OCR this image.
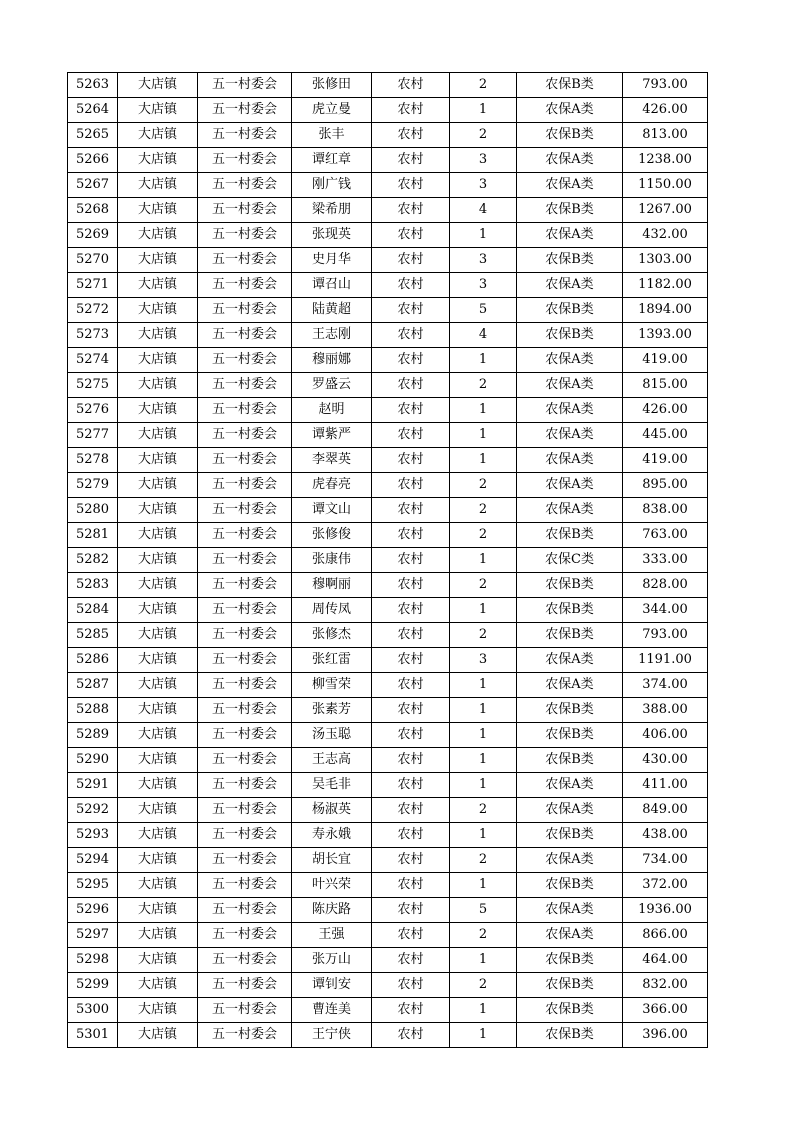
5263	大店镇	五一村委会	张修田	农村	2	农保B类	793.00
5264	大店镇	五一村委会	虎立曼	农村	1	农保A类	426.00
5265	大店镇	五一村委会	张丰	农村	2	农保B类	813.00
5266	大店镇	五一村委会	谭红章	农村	3	农保A类	1238.00
5267	大店镇	五一村委会	刚广钱	农村	3	农保A类	1150.00
5268	大店镇	五一村委会	梁希朋	农村	4	农保B类	1267.00
5269	大店镇	五一村委会	张现英	农村	1	农保A类	432.00
5270	大店镇	五一村委会	史月华	农村	3	农保B类	1303.00
5271	大店镇	五一村委会	谭召山	农村	3	农保A类	1182.00
5272	大店镇	五一村委会	陆黄超	农村	5	农保B类	1894.00
5273	大店镇	五一村委会	王志刚	农村	4	农保B类	1393.00
5274	大店镇	五一村委会	穆丽娜	农村	1	农保A类	419.00
5275	大店镇	五一村委会	罗盛云	农村	2	农保A类	815.00
5276	大店镇	五一村委会	赵明	农村	1	农保A类	426.00
5277	大店镇	五一村委会	谭紫严	农村	1	农保A类	445.00
5278	大店镇	五一村委会	李翠英	农村	1	农保A类	419.00
5279	大店镇	五一村委会	虎春亮	农村	2	农保A类	895.00
5280	大店镇	五一村委会	谭文山	农村	2	农保A类	838.00
5281	大店镇	五一村委会	张修俊	农村	2	农保B类	763.00
5282	大店镇	五一村委会	张康伟	农村	1	农保C类	333.00
5283	大店镇	五一村委会	穆啊丽	农村	2	农保B类	828.00
5284	大店镇	五一村委会	周传凤	农村	1	农保B类	344.00
5285	大店镇	五一村委会	张修杰	农村	2	农保B类	793.00
5286	大店镇	五一村委会	张红雷	农村	3	农保A类	1191.00
5287	大店镇	五一村委会	柳雪荣	农村	1	农保A类	374.00
5288	大店镇	五一村委会	张素芳	农村	1	农保B类	388.00
5289	大店镇	五一村委会	汤玉聪	农村	1	农保B类	406.00
5290	大店镇	五一村委会	王志高	农村	1	农保B类	430.00
5291	大店镇	五一村委会	吴毛非	农村	1	农保A类	411.00
5292	大店镇	五一村委会	杨淑英	农村	2	农保A类	849.00
5293	大店镇	五一村委会	寿永娥	农村	1	农保B类	438.00
5294	大店镇	五一村委会	胡长宜	农村	2	农保A类	734.00
5295	大店镇	五一村委会	叶兴荣	农村	1	农保B类	372.00
5296	大店镇	五一村委会	陈庆路	农村	5	农保A类	1936.00
5297	大店镇	五一村委会	王强	农村	2	农保A类	866.00
5298	大店镇	五一村委会	张万山	农村	1	农保B类	464.00
5299	大店镇	五一村委会	谭钊安	农村	2	农保B类	832.00
5300	大店镇	五一村委会	曹连美	农村	1	农保B类	366.00
5301	大店镇	五一村委会	王宁侠	农村	1	农保B类	396.00
